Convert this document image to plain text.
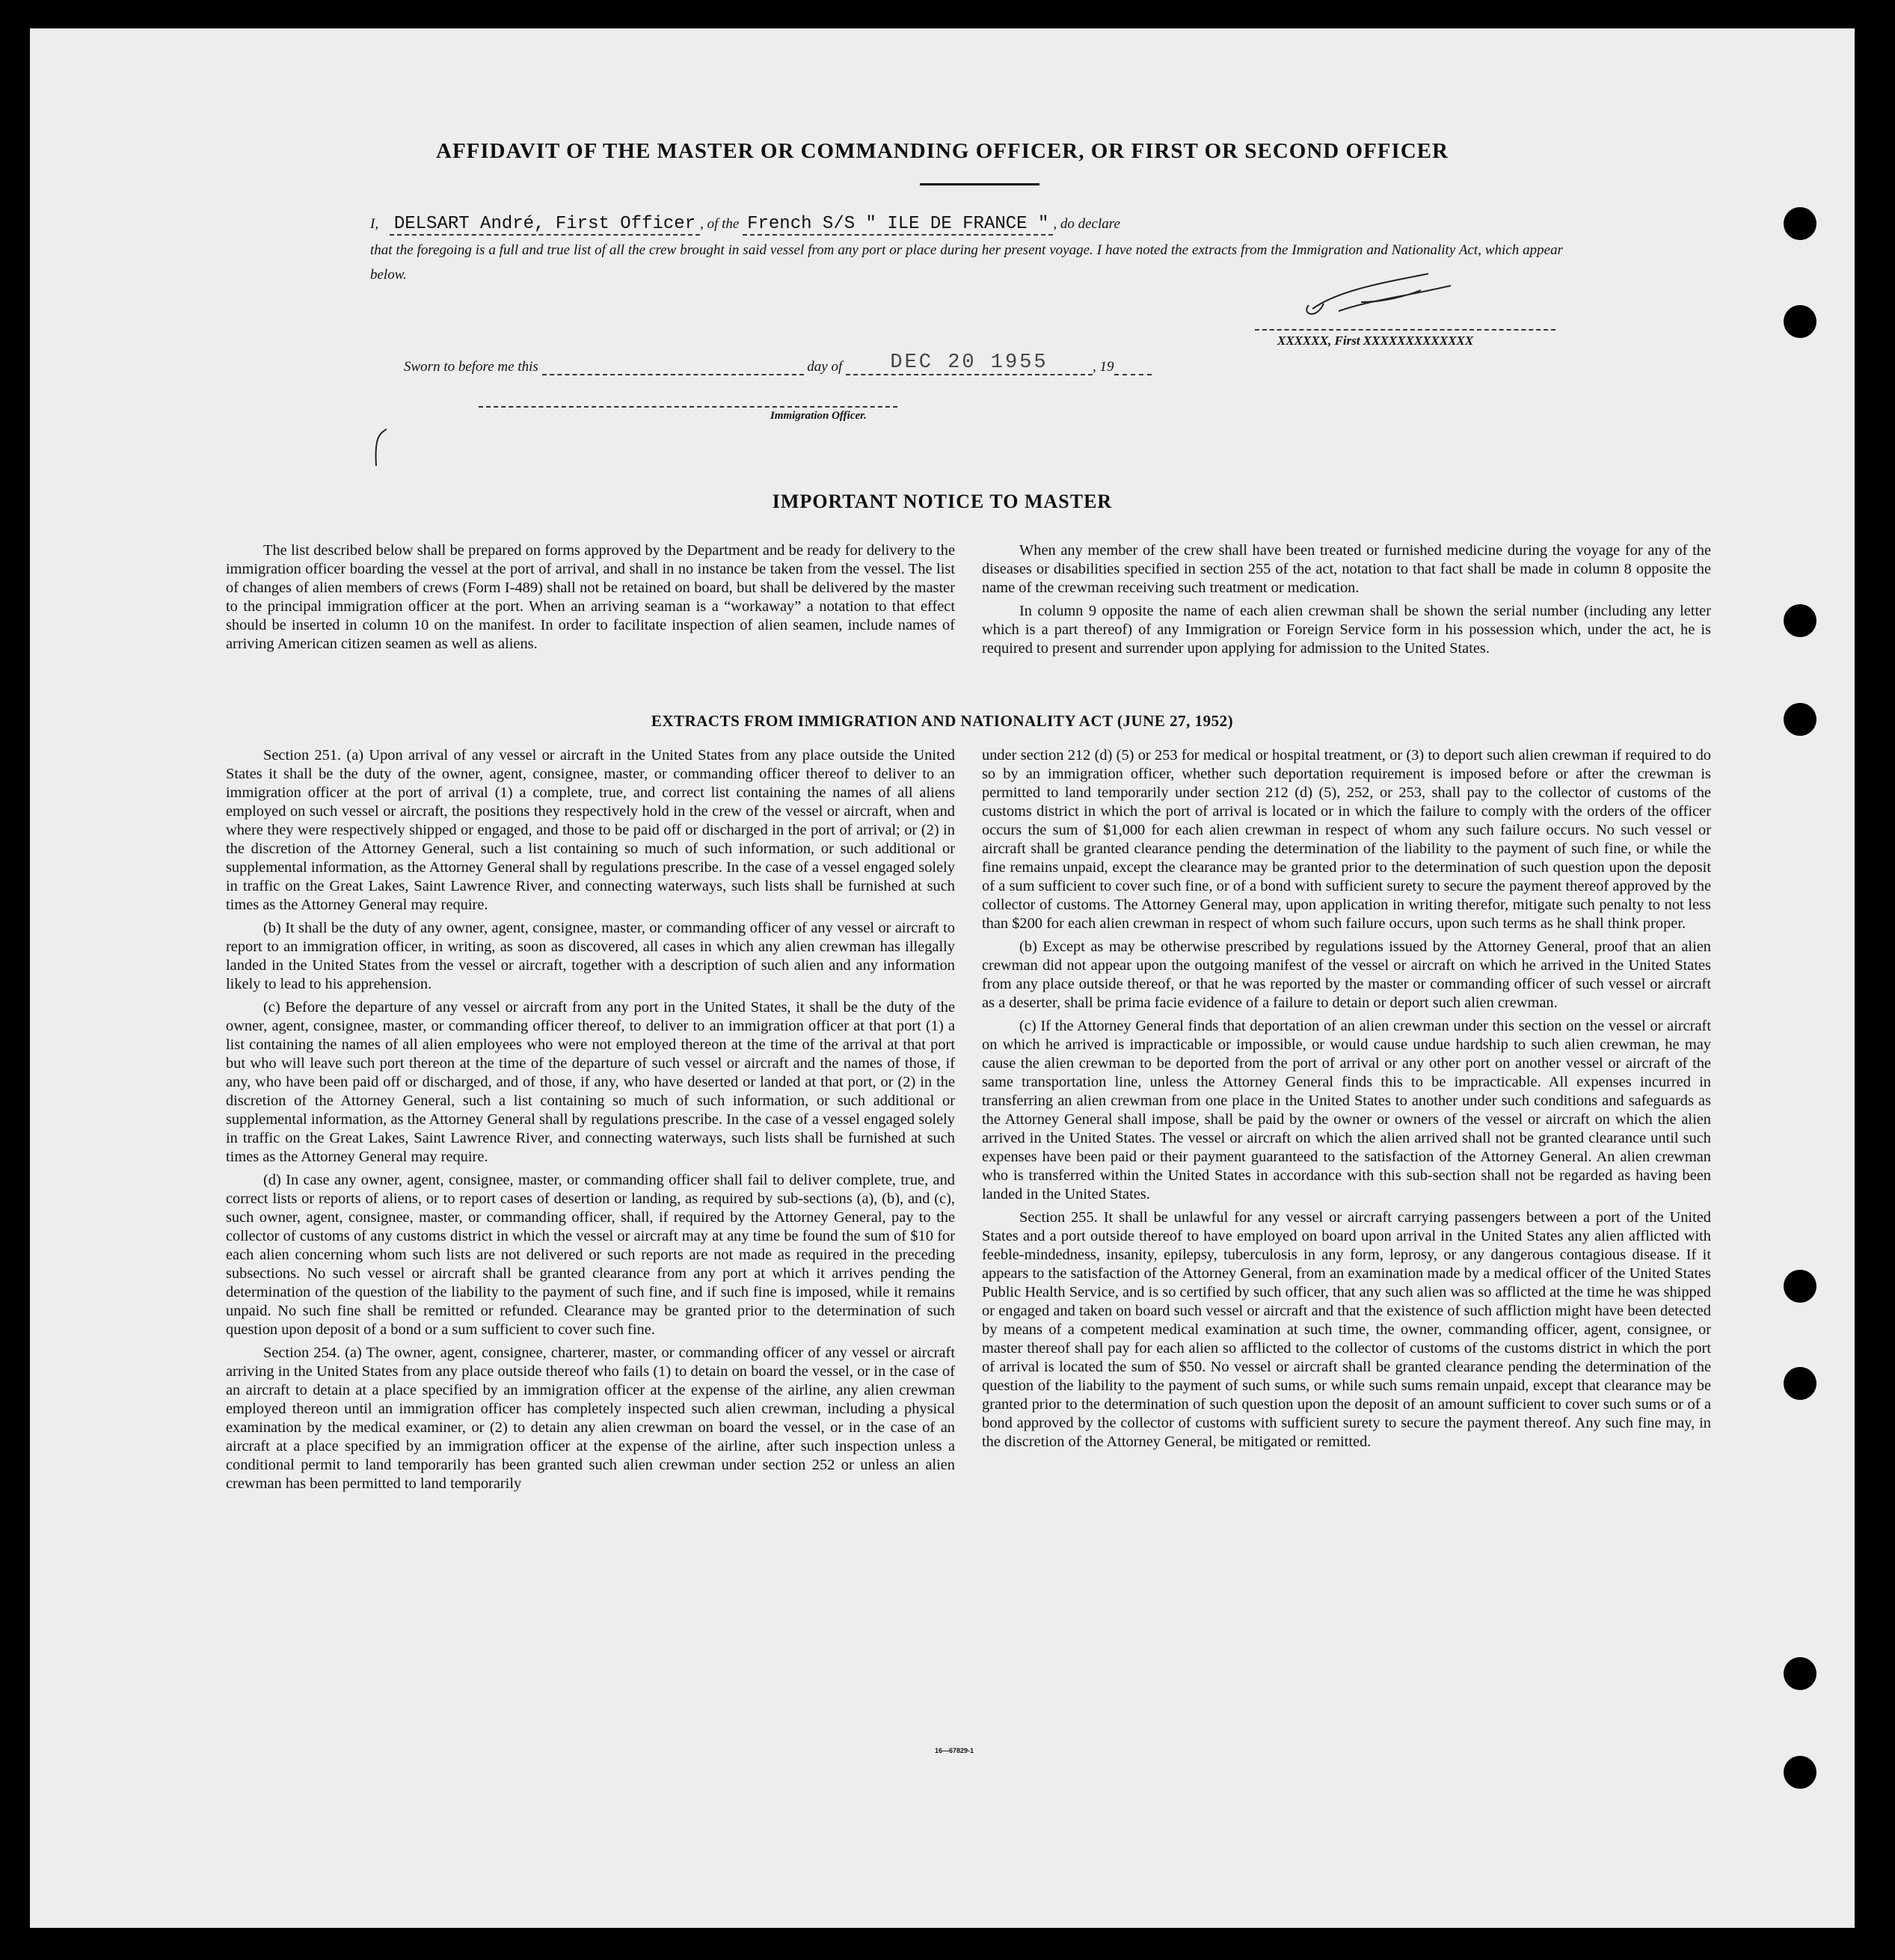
AFFIDAVIT OF THE MASTER OR COMMANDING OFFICER, OR FIRST OR SECOND OFFICER
I, DELSART André, First Officer , of the French S/S " ILE DE FRANCE " , do declare
that the foregoing is a full and true list of all the crew brought in said vessel from any port or place during her present voyage. I have noted the extracts from the Immigration and Nationality Act, which appear below.
XXXXXX, First XXXXXXXXXXXXX
Sworn to before me this	day of DEC 20 1955	, 19
Immigration Officer.
IMPORTANT NOTICE TO MASTER

The list described below shall be prepared on forms approved by the Department and be ready for delivery to the immigration officer boarding the vessel at the port of arrival, and shall in no instance be taken from the vessel. The list of changes of alien members of crews (Form I-489) shall not be retained on board, but shall be delivered by the master to the principal immigration officer at the port. When an arriving seaman is a “workaway” a notation to that effect should be inserted in column 10 on the manifest. In order to facilitate inspection of alien seamen, include names of arriving American citizen seamen as well as aliens.

When any member of the crew shall have been treated or furnished medicine during the voyage for any of the diseases or disabilities specified in section 255 of the act, notation to that fact shall be made in column 8 opposite the name of the crewman receiving such treatment or medication.

In column 9 opposite the name of each alien crewman shall be shown the serial number (including any letter which is a part thereof) of any Immigration or Foreign Service form in his possession which, under the act, he is required to present and surrender upon applying for admission to the United States.

EXTRACTS FROM IMMIGRATION AND NATIONALITY ACT (JUNE 27, 1952)

Section 251. (a) Upon arrival of any vessel or aircraft in the United States from any place outside the United States it shall be the duty of the owner, agent, consignee, master, or commanding officer thereof to deliver to an immigration officer at the port of arrival (1) a complete, true, and correct list containing the names of all aliens employed on such vessel or aircraft, the positions they respectively hold in the crew of the vessel or aircraft, when and where they were respectively shipped or engaged, and those to be paid off or discharged in the port of arrival; or (2) in the discretion of the Attorney General, such a list containing so much of such information, or such additional or supplemental information, as the Attorney General shall by regulations prescribe. In the case of a vessel engaged solely in traffic on the Great Lakes, Saint Lawrence River, and connecting waterways, such lists shall be furnished at such times as the Attorney General may require.

(b) It shall be the duty of any owner, agent, consignee, master, or commanding officer of any vessel or aircraft to report to an immigration officer, in writing, as soon as discovered, all cases in which any alien crewman has illegally landed in the United States from the vessel or aircraft, together with a description of such alien and any information likely to lead to his apprehension.

(c) Before the departure of any vessel or aircraft from any port in the United States, it shall be the duty of the owner, agent, consignee, master, or commanding officer thereof, to deliver to an immigration officer at that port (1) a list containing the names of all alien employees who were not employed thereon at the time of the arrival at that port but who will leave such port thereon at the time of the departure of such vessel or aircraft and the names of those, if any, who have been paid off or discharged, and of those, if any, who have deserted or landed at that port, or (2) in the discretion of the Attorney General, such a list containing so much of such information, or such additional or supplemental information, as the Attorney General shall by regulations prescribe. In the case of a vessel engaged solely in traffic on the Great Lakes, Saint Lawrence River, and connecting waterways, such lists shall be furnished at such times as the Attorney General may require.

(d) In case any owner, agent, consignee, master, or commanding officer shall fail to deliver complete, true, and correct lists or reports of aliens, or to report cases of desertion or landing, as required by sub-sections (a), (b), and (c), such owner, agent, consignee, master, or commanding officer, shall, if required by the Attorney General, pay to the collector of customs of any customs district in which the vessel or aircraft may at any time be found the sum of $10 for each alien concerning whom such lists are not delivered or such reports are not made as required in the preceding subsections. No such vessel or aircraft shall be granted clearance from any port at which it arrives pending the determination of the question of the liability to the payment of such fine, and if such fine is imposed, while it remains unpaid. No such fine shall be remitted or refunded. Clearance may be granted prior to the determination of such question upon deposit of a bond or a sum sufficient to cover such fine.

Section 254. (a) The owner, agent, consignee, charterer, master, or commanding officer of any vessel or aircraft arriving in the United States from any place outside thereof who fails (1) to detain on board the vessel, or in the case of an aircraft to detain at a place specified by an immigration officer at the expense of the airline, any alien crewman employed thereon until an immigration officer has completely inspected such alien crewman, including a physical examination by the medical examiner, or (2) to detain any alien crewman on board the vessel, or in the case of an aircraft at a place specified by an immigration officer at the expense of the airline, after such inspection unless a conditional permit to land temporarily has been granted such alien crewman under section 252 or unless an alien crewman has been permitted to land temporarily

under section 212 (d) (5) or 253 for medical or hospital treatment, or (3) to deport such alien crewman if required to do so by an immigration officer, whether such deportation requirement is imposed before or after the crewman is permitted to land temporarily under section 212 (d) (5), 252, or 253, shall pay to the collector of customs of the customs district in which the port of arrival is located or in which the failure to comply with the orders of the officer occurs the sum of $1,000 for each alien crewman in respect of whom any such failure occurs. No such vessel or aircraft shall be granted clearance pending the determination of the liability to the payment of such fine, or while the fine remains unpaid, except the clearance may be granted prior to the determination of such question upon the deposit of a sum sufficient to cover such fine, or of a bond with sufficient surety to secure the payment thereof approved by the collector of customs. The Attorney General may, upon application in writing therefor, mitigate such penalty to not less than $200 for each alien crewman in respect of whom such failure occurs, upon such terms as he shall think proper.

(b) Except as may be otherwise prescribed by regulations issued by the Attorney General, proof that an alien crewman did not appear upon the outgoing manifest of the vessel or aircraft on which he arrived in the United States from any place outside thereof, or that he was reported by the master or commanding officer of such vessel or aircraft as a deserter, shall be prima facie evidence of a failure to detain or deport such alien crewman.

(c) If the Attorney General finds that deportation of an alien crewman under this section on the vessel or aircraft on which he arrived is impracticable or impossible, or would cause undue hardship to such alien crewman, he may cause the alien crewman to be deported from the port of arrival or any other port on another vessel or aircraft of the same transportation line, unless the Attorney General finds this to be impracticable. All expenses incurred in transferring an alien crewman from one place in the United States to another under such conditions and safeguards as the Attorney General shall impose, shall be paid by the owner or owners of the vessel or aircraft on which the alien arrived in the United States. The vessel or aircraft on which the alien arrived shall not be granted clearance until such expenses have been paid or their payment guaranteed to the satisfaction of the Attorney General. An alien crewman who is transferred within the United States in accordance with this sub-section shall not be regarded as having been landed in the United States.

Section 255. It shall be unlawful for any vessel or aircraft carrying passengers between a port of the United States and a port outside thereof to have employed on board upon arrival in the United States any alien afflicted with feeble-mindedness, insanity, epilepsy, tuberculosis in any form, leprosy, or any dangerous contagious disease. If it appears to the satisfaction of the Attorney General, from an examination made by a medical officer of the United States Public Health Service, and is so certified by such officer, that any such alien was so afflicted at the time he was shipped or engaged and taken on board such vessel or aircraft and that the existence of such affliction might have been detected by means of a competent medical examination at such time, the owner, commanding officer, agent, consignee, or master thereof shall pay for each alien so afflicted to the collector of customs of the customs district in which the port of arrival is located the sum of $50. No vessel or aircraft shall be granted clearance pending the determination of the question of the liability to the payment of such sums, or while such sums remain unpaid, except that clearance may be granted prior to the determination of such question upon the deposit of an amount sufficient to cover such sums or of a bond approved by the collector of customs with sufficient surety to secure the payment thereof. Any such fine may, in the discretion of the Attorney General, be mitigated or remitted.

16—67829-1
